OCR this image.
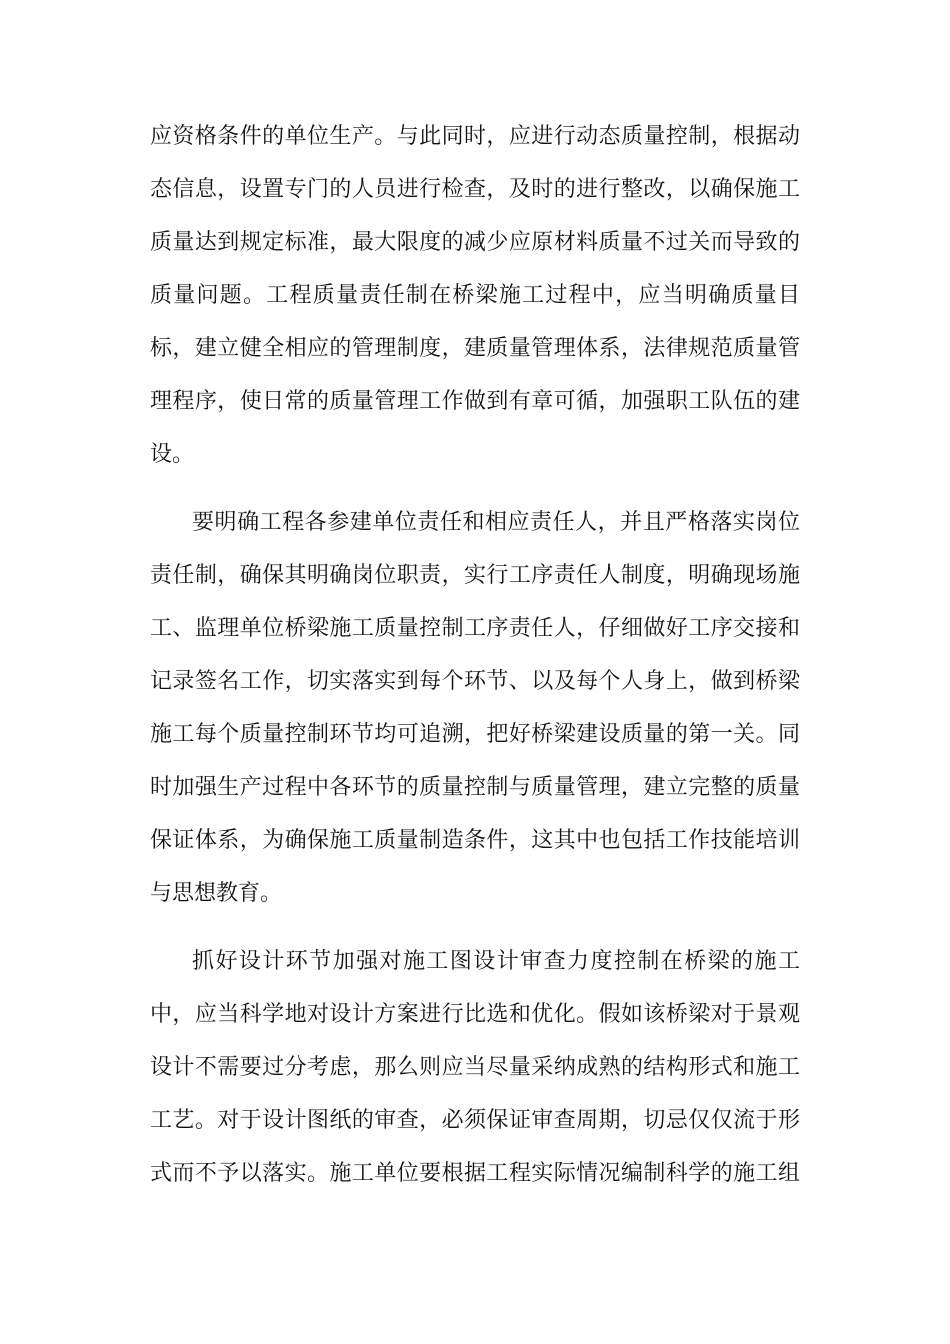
应资格条件的单位生产。与此同时，应进行动态质量控制，根据动
态信息，设置专门的人员进行检查，及时的进行整改，以确保施工
质量达到规定标准，最大限度的减少应原材料质量不过关而导致的
质量问题。工程质量责任制在桥梁施工过程中，应当明确质量目
标，建立健全相应的管理制度，建质量管理体系，法律规范质量管
理程序，使日常的质量管理工作做到有章可循，加强职工队伍的建
设。
要明确工程各参建单位责任和相应责任人，并且严格落实岗位
责任制，确保其明确岗位职责，实行工序责任人制度，明确现场施
工、监理单位桥梁施工质量控制工序责任人，仔细做好工序交接和
记录签名工作，切实落实到每个环节、以及每个人身上，做到桥梁
施工每个质量控制环节均可追溯，把好桥梁建设质量的第一关。同
时加强生产过程中各环节的质量控制与质量管理，建立完整的质量
保证体系，为确保施工质量制造条件，这其中也包括工作技能培训
与思想教育。
抓好设计环节加强对施工图设计审查力度控制在桥梁的施工
中，应当科学地对设计方案进行比选和优化。假如该桥梁对于景观
设计不需要过分考虑，那么则应当尽量采纳成熟的结构形式和施工
工艺。对于设计图纸的审查，必须保证审查周期，切忌仅仅流于形
式而不予以落实。施工单位要根据工程实际情况编制科学的施工组
